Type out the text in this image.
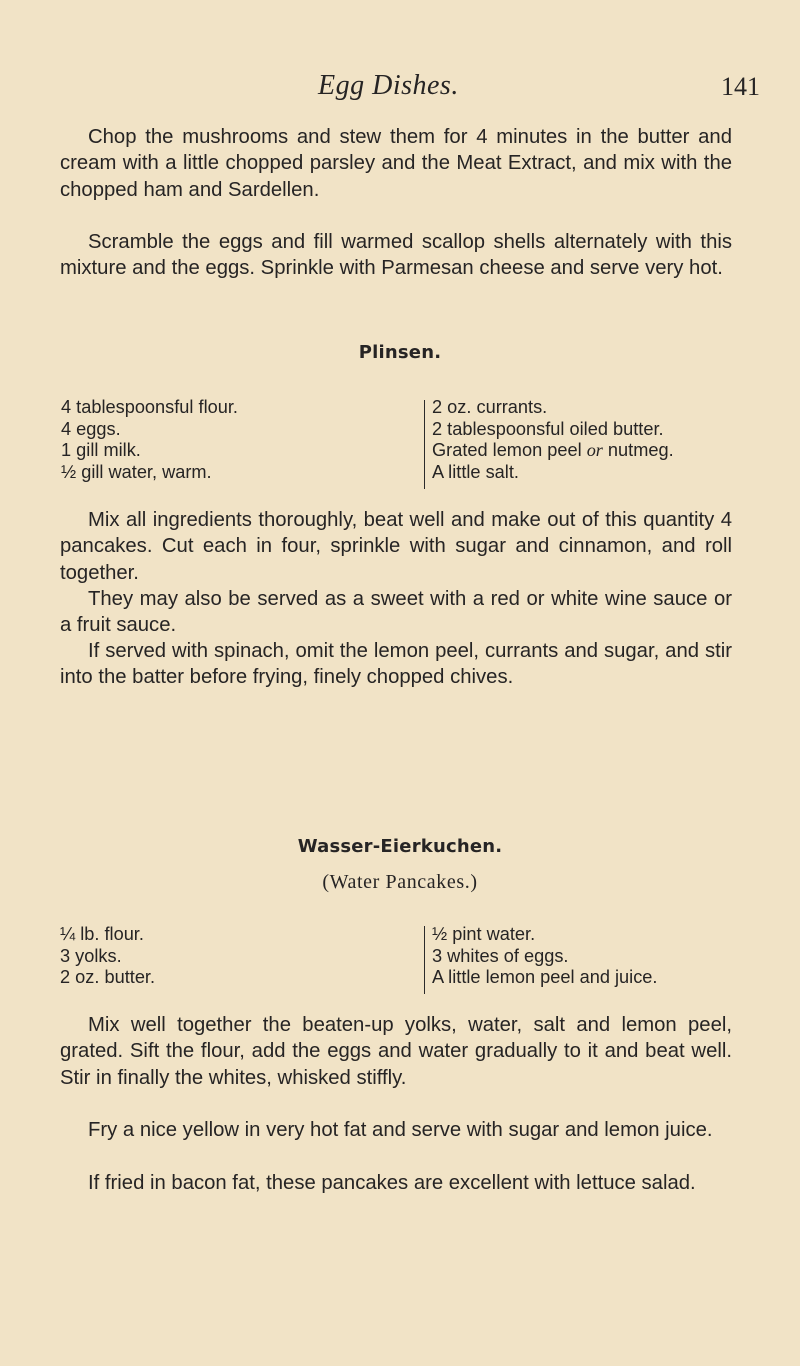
Egg Dishes.	141

Chop the mushrooms and stew them for 4 minutes in the butter and cream with a little chopped parsley and the Meat Extract, and mix with the chopped ham and Sardellen.

Scramble the eggs and fill warmed scallop shells alternately with this mixture and the eggs. Sprinkle with Parmesan cheese and serve very hot.

Plinsen.
4 tablespoonsful flour.
4 eggs.
1 gill milk.
½ gill water, warm.
2 oz. currants.
2 tablespoonsful oiled butter.
Grated lemon peel or nutmeg.
A little salt.

Mix all ingredients thoroughly, beat well and make out of this quantity 4 pancakes. Cut each in four, sprinkle with sugar and cinnamon, and roll together.

They may also be served as a sweet with a red or white wine sauce or a fruit sauce.

If served with spinach, omit the lemon peel, currants and sugar, and stir into the batter before frying, finely chopped chives.

Wasser-Eierkuchen.
(Water Pancakes.)
¼ lb. flour.
3 yolks.
2 oz. butter.
½ pint water.
3 whites of eggs.
A little lemon peel and juice.

Mix well together the beaten-up yolks, water, salt and lemon peel, grated. Sift the flour, add the eggs and water gradually to it and beat well. Stir in finally the whites, whisked stiffly.

Fry a nice yellow in very hot fat and serve with sugar and lemon juice.

If fried in bacon fat, these pancakes are excellent with lettuce salad.
